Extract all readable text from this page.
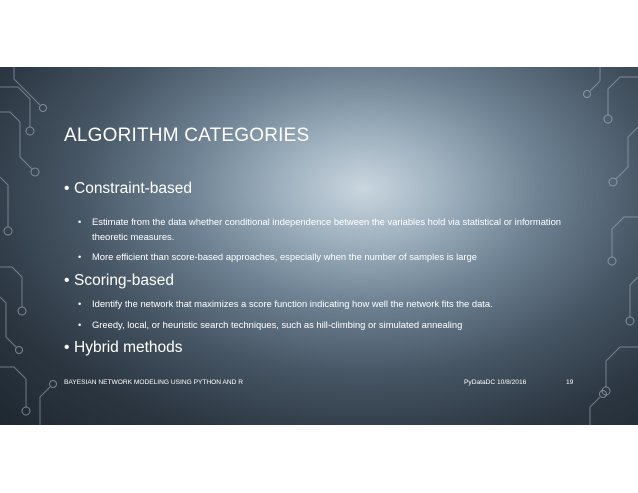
ALGORITHM CATEGORIES
• Constraint-based
• Estimate from the data whether conditional independence between the variables hold via statistical or information theoretic measures.
• More efficient than score-based approaches, especially when the number of samples is large
• Scoring-based
• Identify the network that maximizes a score function indicating how well the network fits the data.
• Greedy, local, or heuristic search techniques, such as hill-climbing or simulated annealing
• Hybrid methods
BAYESIAN NETWORK MODELING USING PYTHON AND R	PyDataDC 10/8/2016	19
